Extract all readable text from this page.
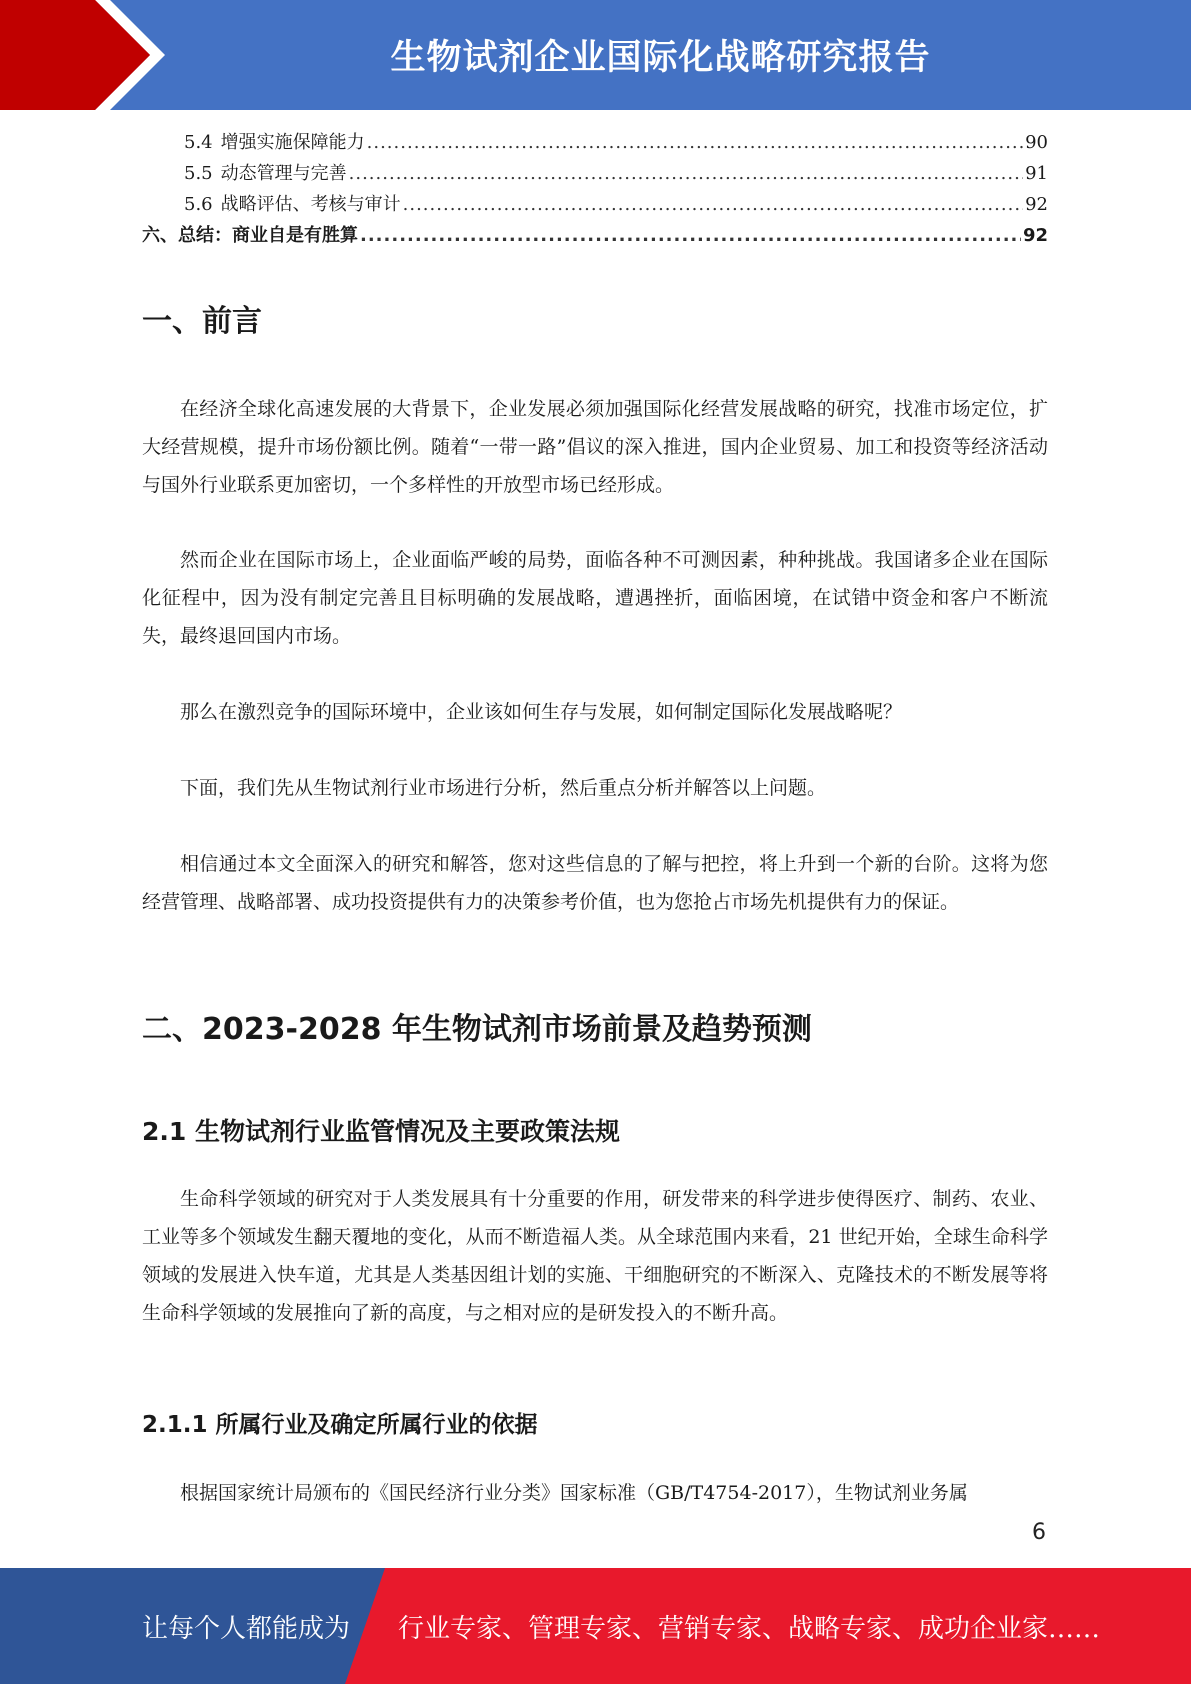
生物试剂企业国际化战略研究报告
5.4 增强实施保障能力 .....	90
5.5 动态管理与完善 .....	91
5.6 战略评估、考核与审计 .....	92
六、总结：商业自是有胜算 .....	92
一、前言

在经济全球化高速发展的大背景下，企业发展必须加强国际化经营发展战略的研究，找准市场定位，扩大经营规模，提升市场份额比例。随着“一带一路”倡议的深入推进，国内企业贸易、加工和投资等经济活动与国外行业联系更加密切，一个多样性的开放型市场已经形成。

然而企业在国际市场上，企业面临严峻的局势，面临各种不可测因素，种种挑战。我国诸多企业在国际化征程中，因为没有制定完善且目标明确的发展战略，遭遇挫折，面临困境，在试错中资金和客户不断流失，最终退回国内市场。

那么在激烈竞争的国际环境中，企业该如何生存与发展，如何制定国际化发展战略呢？

下面，我们先从生物试剂行业市场进行分析，然后重点分析并解答以上问题。

相信通过本文全面深入的研究和解答，您对这些信息的了解与把控，将上升到一个新的台阶。这将为您经营管理、战略部署、成功投资提供有力的决策参考价值，也为您抢占市场先机提供有力的保证。

二、2023-2028 年生物试剂市场前景及趋势预测
2.1 生物试剂行业监管情况及主要政策法规

生命科学领域的研究对于人类发展具有十分重要的作用，研发带来的科学进步使得医疗、制药、农业、工业等多个领域发生翻天覆地的变化，从而不断造福人类。从全球范围内来看，21 世纪开始，全球生命科学领域的发展进入快车道，尤其是人类基因组计划的实施、干细胞研究的不断深入、克隆技术的不断发展等将生命科学领域的发展推向了新的高度，与之相对应的是研发投入的不断升高。

2.1.1 所属行业及确定所属行业的依据

根据国家统计局颁布的《国民经济行业分类》国家标准（GB/T4754-2017），生物试剂业务属

6
让每个人都能成为 行业专家、管理专家、营销专家、战略专家、成功企业家……
